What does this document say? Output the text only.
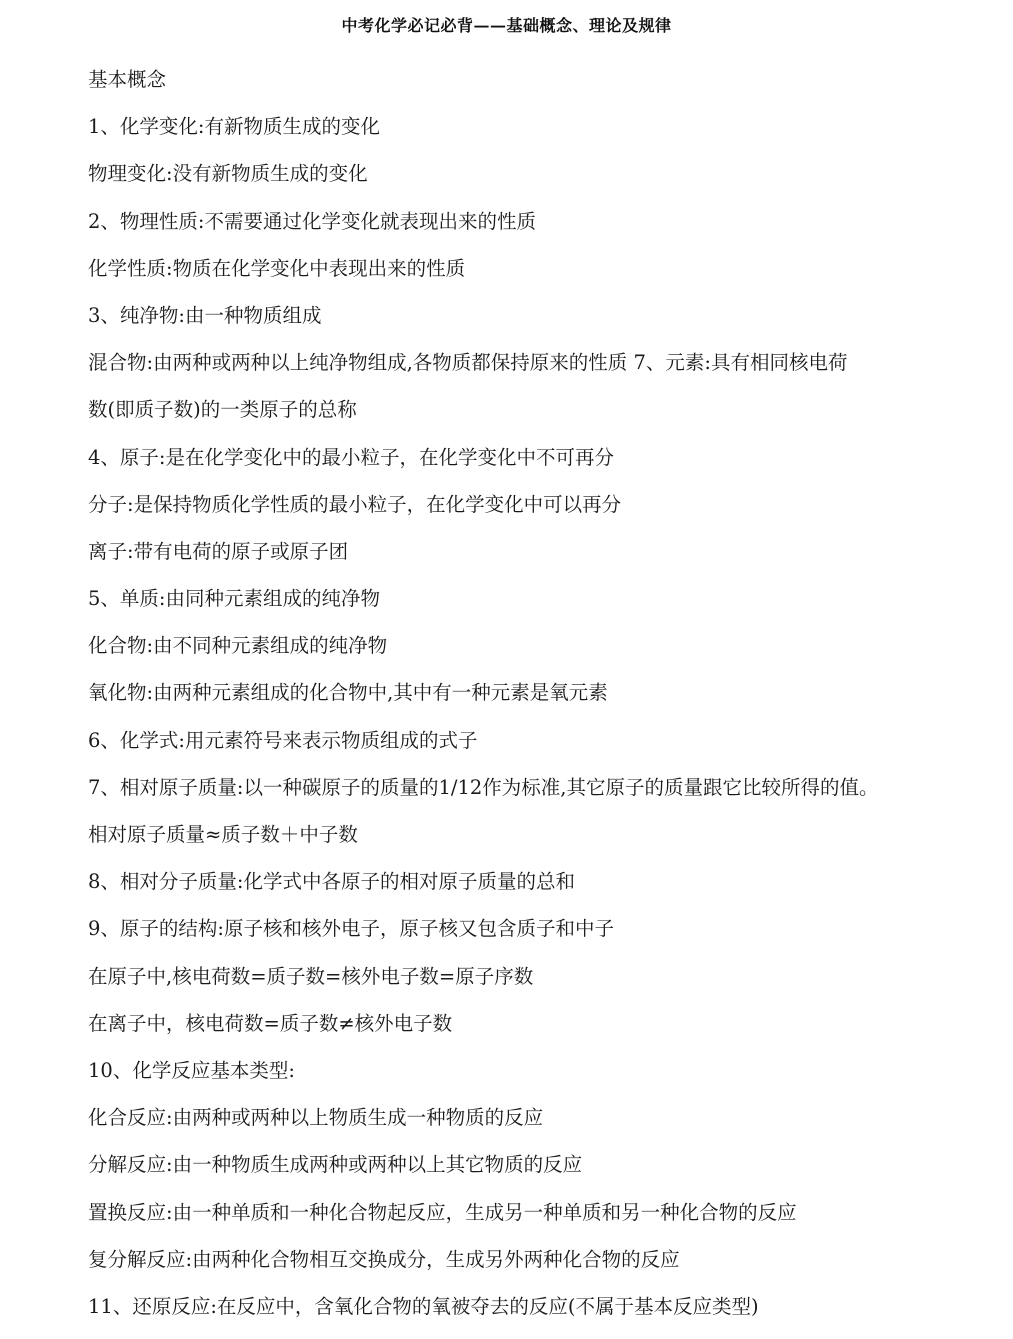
中考化学必记必背——基础概念、理论及规律
基本概念
1、化学变化:有新物质生成的变化
物理变化:没有新物质生成的变化
2、物理性质:不需要通过化学变化就表现出来的性质
化学性质:物质在化学变化中表现出来的性质
3、纯净物:由一种物质组成
混合物:由两种或两种以上纯净物组成,各物质都保持原来的性质 7、元素:具有相同核电荷
数(即质子数)的一类原子的总称
4、原子:是在化学变化中的最小粒子，在化学变化中不可再分
分子:是保持物质化学性质的最小粒子，在化学变化中可以再分
离子:带有电荷的原子或原子团
5、单质:由同种元素组成的纯净物
化合物:由不同种元素组成的纯净物
氧化物:由两种元素组成的化合物中,其中有一种元素是氧元素
6、化学式:用元素符号来表示物质组成的式子
7、相对原子质量:以一种碳原子的质量的1/12作为标准,其它原子的质量跟它比较所得的值。
相对原子质量≈质子数＋中子数
8、相对分子质量:化学式中各原子的相对原子质量的总和
9、原子的结构:原子核和核外电子，原子核又包含质子和中子
在原子中,核电荷数=质子数=核外电子数=原子序数
在离子中，核电荷数=质子数≠核外电子数
10、化学反应基本类型:
化合反应:由两种或两种以上物质生成一种物质的反应
分解反应:由一种物质生成两种或两种以上其它物质的反应
置换反应:由一种单质和一种化合物起反应，生成另一种单质和另一种化合物的反应
复分解反应:由两种化合物相互交换成分，生成另外两种化合物的反应
11、还原反应:在反应中，含氧化合物的氧被夺去的反应(不属于基本反应类型)
